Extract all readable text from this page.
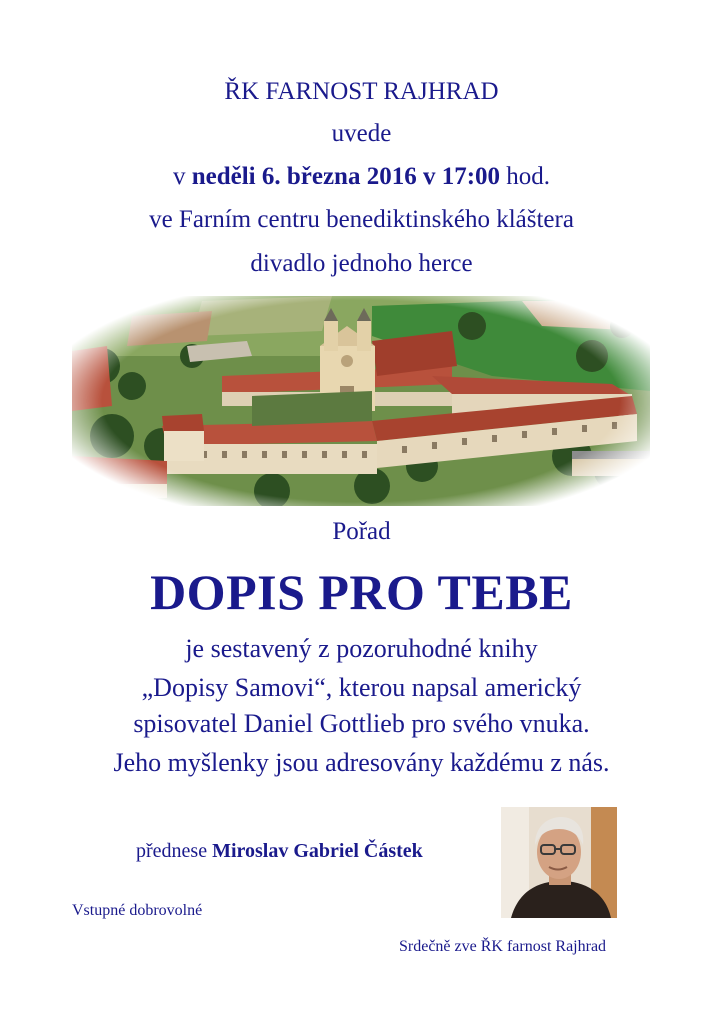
ŘK FARNOST RAJHRAD
uvede
v neděli 6. března 2016 v 17:00 hod.
ve Farním centru benediktinského kláštera
divadlo jednoho herce
Pořad
DOPIS PRO TEBE
je sestavený z pozoruhodné knihy
„Dopisy Samovi“, kterou napsal americký
spisovatel Daniel Gottlieb pro svého vnuka.
Jeho myšlenky jsou adresovány každému z nás.
přednese Miroslav Gabriel Částek
Vstupné dobrovolné
Srdečně zve ŘK farnost Rajhrad
